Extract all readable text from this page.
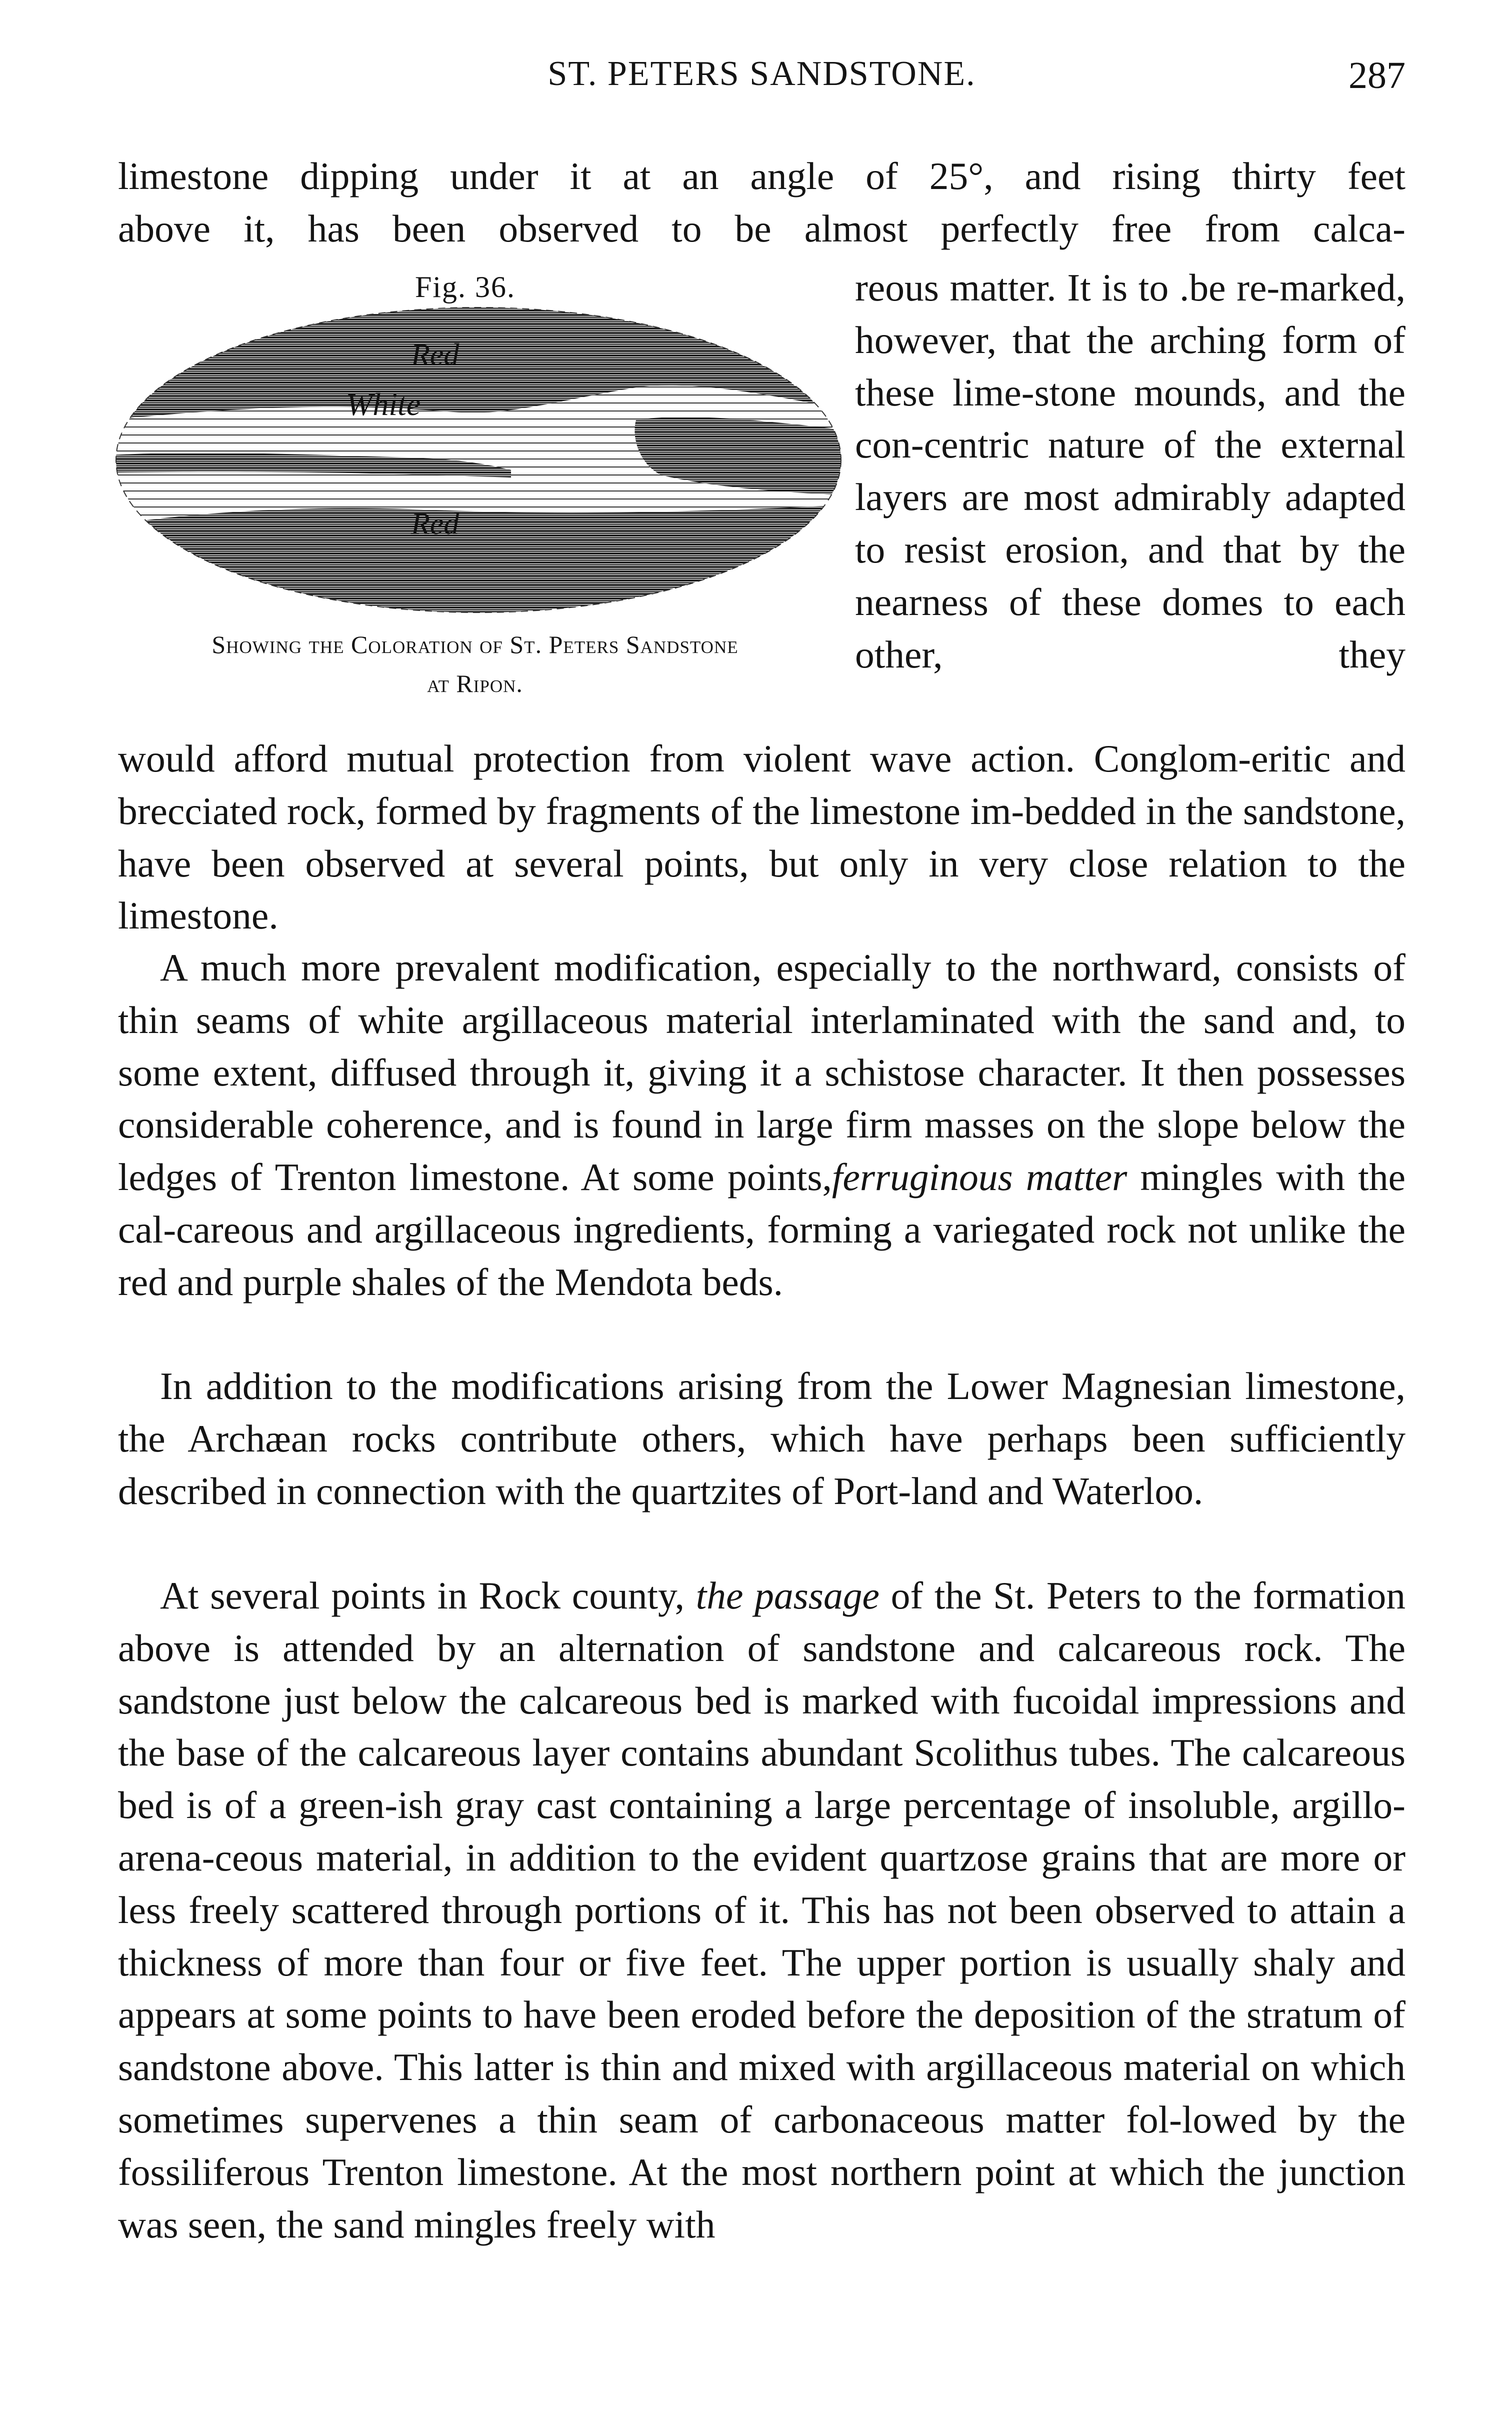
ST. PETERS SANDSTONE.	287

limestone dipping under it at an angle of 25°, and rising thirty feet

above it, has been observed to be almost perfectly free from calca-

Fig. 36.
Red
White
Red
Showing the Coloration of St. Peters Sandstone
at Ripon.

reous matter. It is to .be re-marked, however, that the arching form of these lime-stone mounds, and the con-centric nature of the external layers are most admirably adapted to resist erosion, and that by the nearness of these domes to each other, they

would afford mutual protection from violent wave action. Conglom-eritic and brecciated rock, formed by fragments of the limestone im-bedded in the sandstone, have been observed at several points, but only in very close relation to the limestone.

A much more prevalent modification, especially to the northward, consists of thin seams of white argillaceous material interlaminated with the sand and, to some extent, diffused through it, giving it a schistose character. It then possesses considerable coherence, and is found in large firm masses on the slope below the ledges of Trenton limestone. At some points,ferruginous matter mingles with the cal-careous and argillaceous ingredients, forming a variegated rock not unlike the red and purple shales of the Mendota beds.

In addition to the modifications arising from the Lower Magnesian limestone, the Archæan rocks contribute others, which have perhaps been sufficiently described in connection with the quartzites of Port-land and Waterloo.

At several points in Rock county, the passage of the St. Peters to the formation above is attended by an alternation of sandstone and calcareous rock. The sandstone just below the calcareous bed is marked with fucoidal impressions and the base of the calcareous layer contains abundant Scolithus tubes. The calcareous bed is of a green-ish gray cast containing a large percentage of insoluble, argillo-arena-ceous material, in addition to the evident quartzose grains that are more or less freely scattered through portions of it. This has not been observed to attain a thickness of more than four or five feet. The upper portion is usually shaly and appears at some points to have been eroded before the deposition of the stratum of sandstone above. This latter is thin and mixed with argillaceous material on which sometimes supervenes a thin seam of carbonaceous matter fol-lowed by the fossiliferous Trenton limestone. At the most northern point at which the junction was seen, the sand mingles freely with
